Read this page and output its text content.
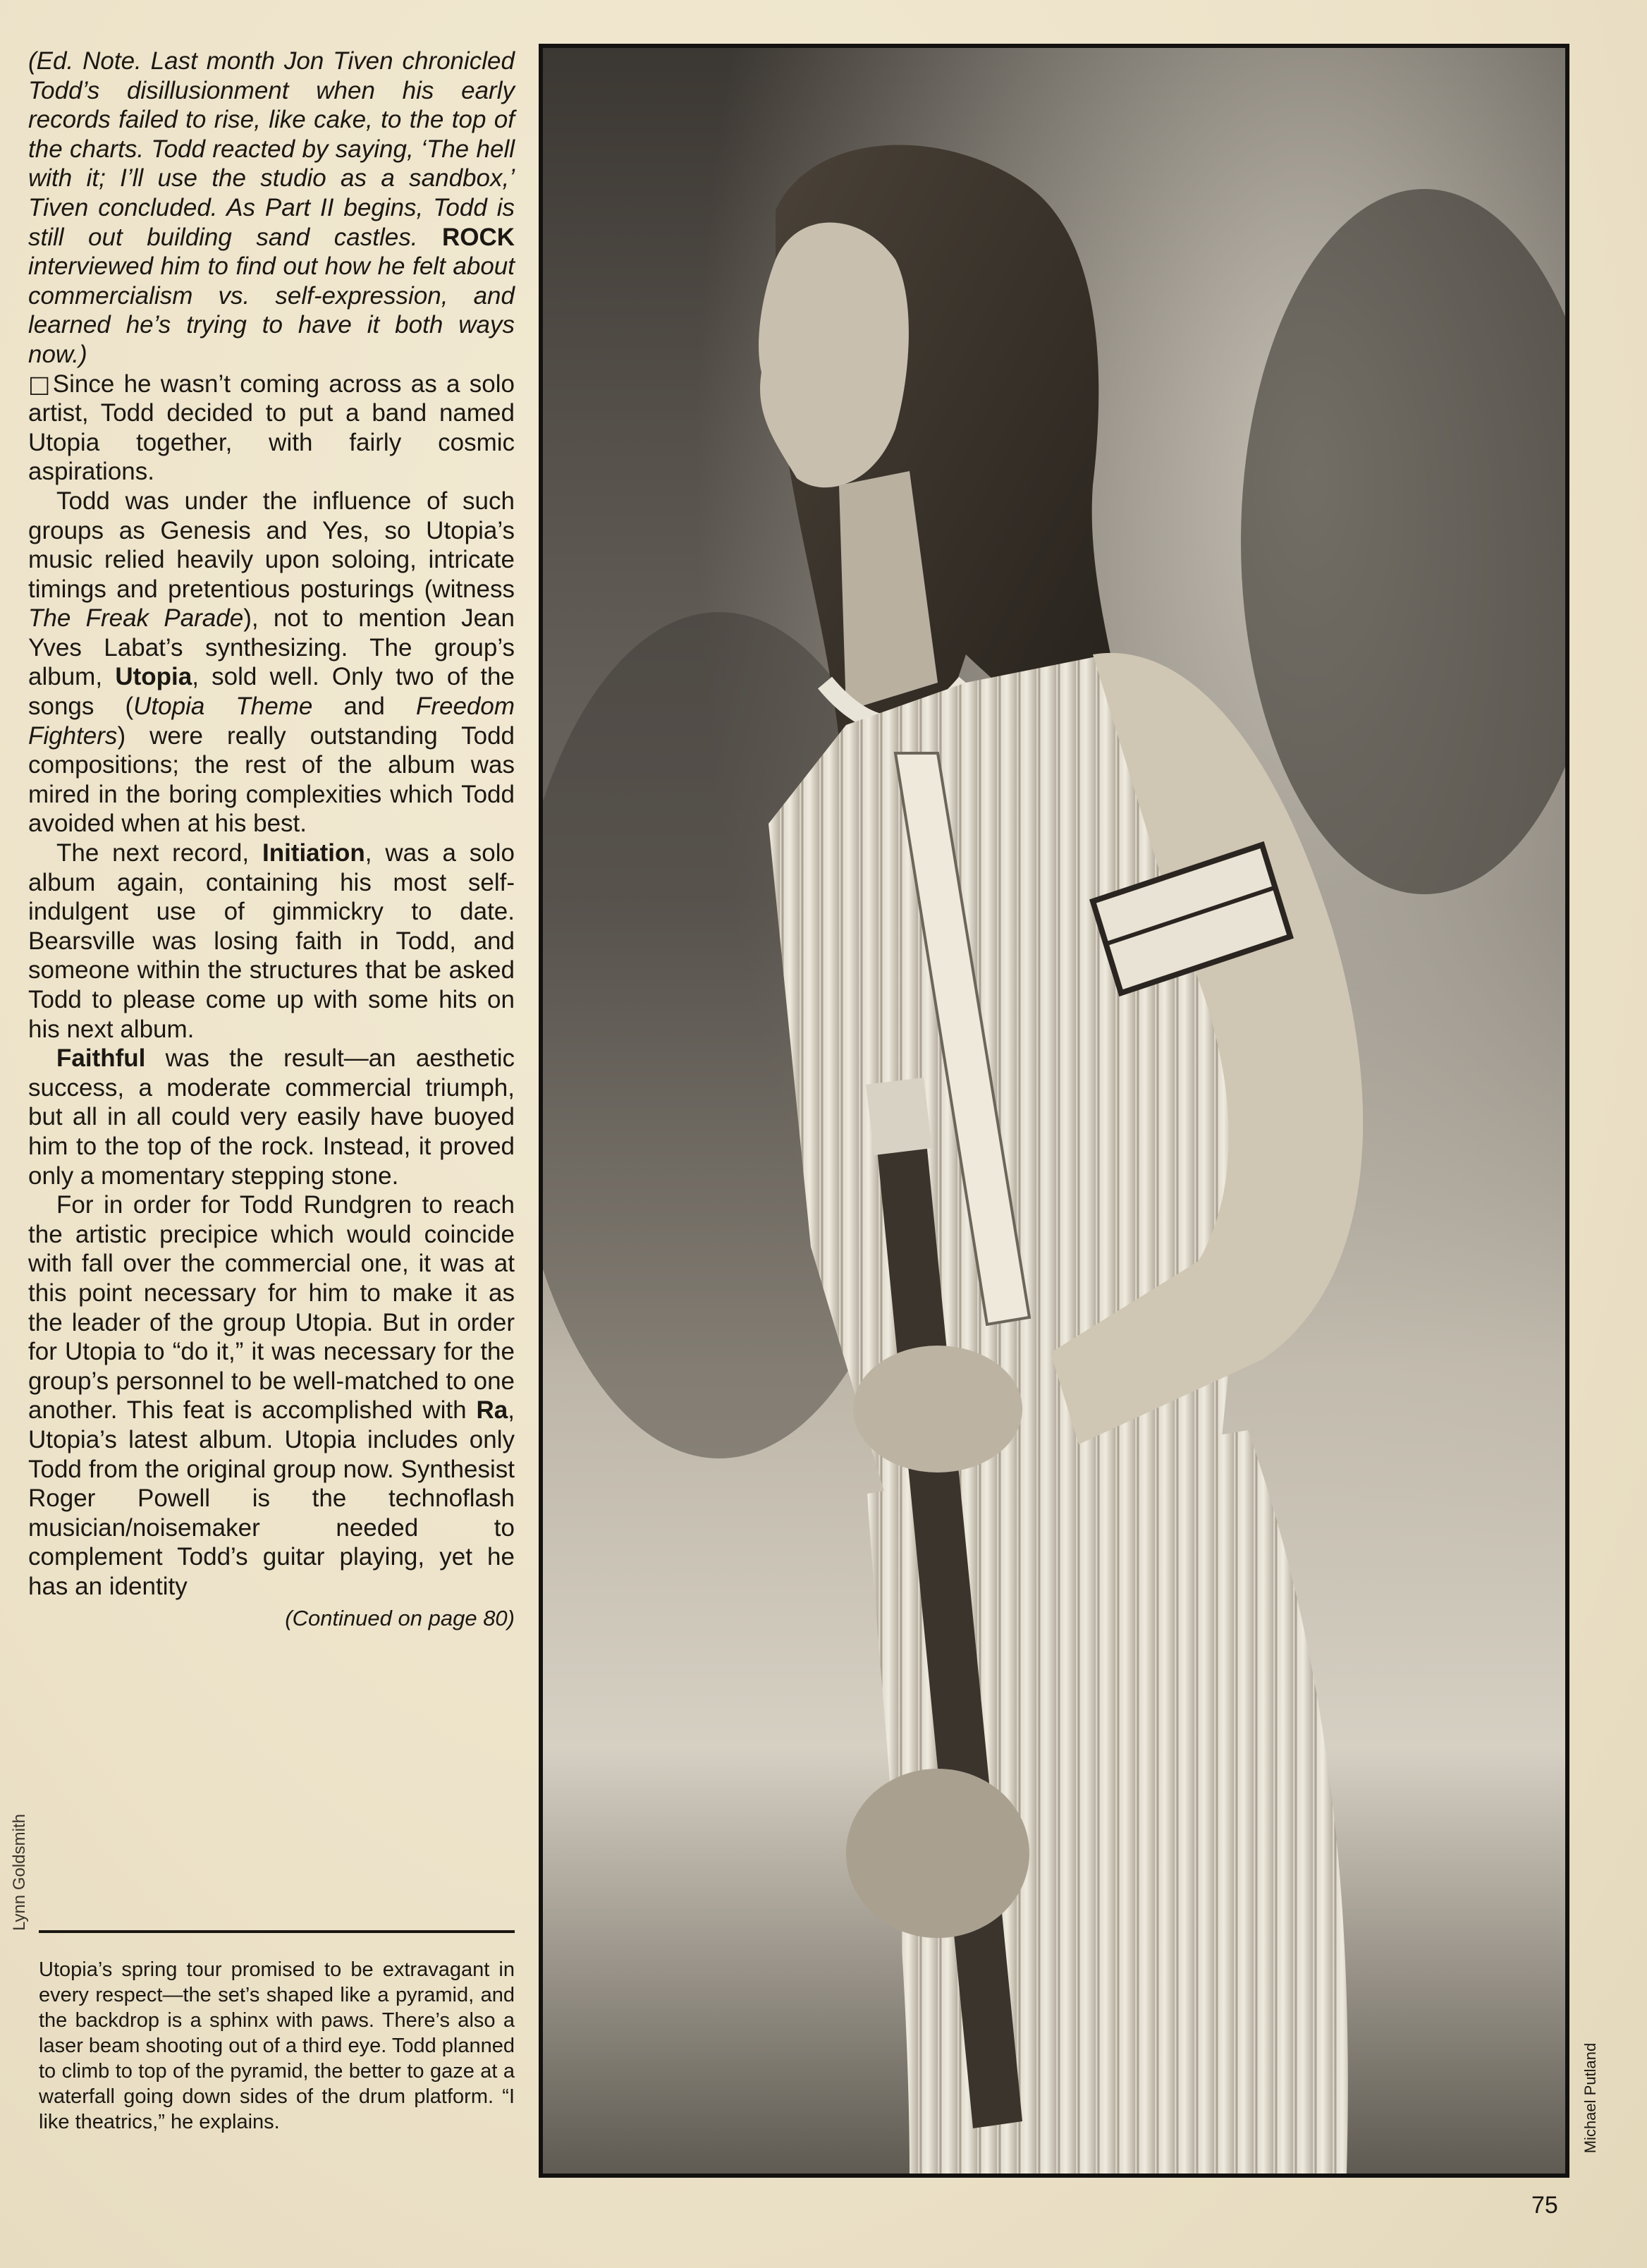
(Ed. Note. Last month Jon Tiven chronicled Todd’s disillusionment when his early records failed to rise, like cake, to the top of the charts. Todd reacted by saying, ‘The hell with it; I’ll use the studio as a sandbox,’ Tiven concluded. As Part II begins, Todd is still out building sand castles. ROCK interviewed him to find out how he felt about commercialism vs. self-expression, and learned he’s trying to have it both ways now.)

□Since he wasn’t coming across as a solo artist, Todd decided to put a band named Utopia together, with fairly cosmic aspirations.

Todd was under the influence of such groups as Genesis and Yes, so Utopia’s music relied heavily upon soloing, intricate timings and pretentious posturings (witness The Freak Parade), not to mention Jean Yves Labat’s synthesizing. The group’s album, Utopia, sold well. Only two of the songs (Utopia Theme and Freedom Fighters) were really outstanding Todd compositions; the rest of the album was mired in the boring complexities which Todd avoided when at his best.

The next record, Initiation, was a solo album again, containing his most self-indulgent use of gimmickry to date. Bearsville was losing faith in Todd, and someone within the structures that be asked Todd to please come up with some hits on his next album.

Faithful was the result—an aesthetic success, a moderate commercial triumph, but all in all could very easily have buoyed him to the top of the rock. Instead, it proved only a momentary stepping stone.

For in order for Todd Rundgren to reach the artistic precipice which would coincide with fall over the commercial one, it was at this point necessary for him to make it as the leader of the group Utopia. But in order for Utopia to “do it,” it was necessary for the group’s personnel to be well-matched to one another. This feat is accomplished with Ra, Utopia’s latest album. Utopia includes only Todd from the original group now. Synthesist Roger Powell is the technoflash musician/noisemaker needed to complement Todd’s guitar playing, yet he has an identity

(Continued on page 80)

Lynn Goldsmith
Utopia’s spring tour promised to be extravagant in every respect—the set’s shaped like a pyramid, and the backdrop is a sphinx with paws. There’s also a laser beam shooting out of a third eye. Todd planned to climb to top of the pyramid, the better to gaze at a waterfall going down sides of the drum platform. “I like theatrics,” he explains.	Michael Putland
75
